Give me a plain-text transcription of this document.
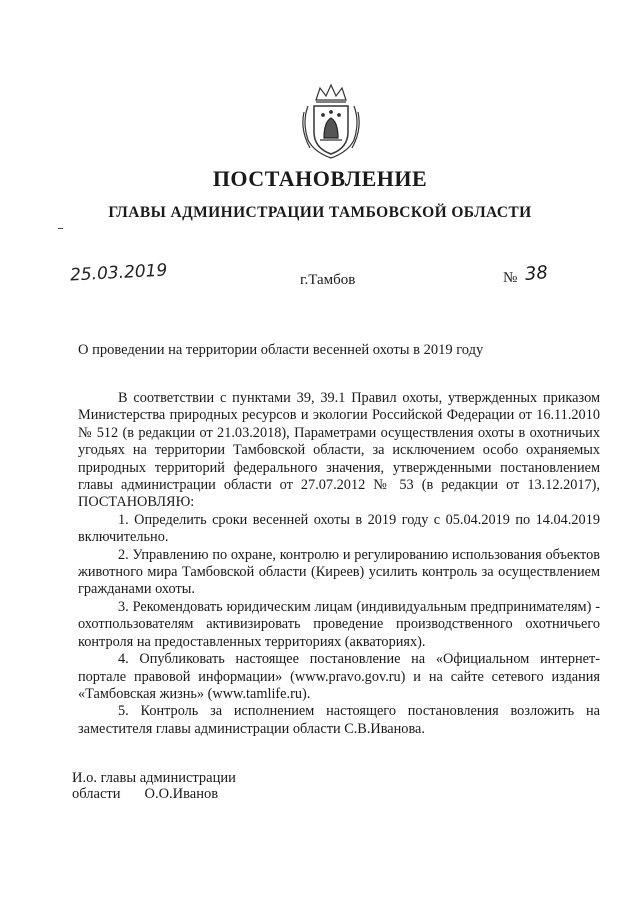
ПОСТАНОВЛЕНИЕ
ГЛАВЫ АДМИНИСТРАЦИИ ТАМБОВСКОЙ ОБЛАСТИ
25.03.2019	г.Тамбов	№ 38
О проведении на территории области весенней охоты в 2019 году

В соответствии с пунктами 39, 39.1 Правил охоты, утвержденных приказом Министерства природных ресурсов и экологии Российской Федерации от 16.11.2010 № 512 (в редакции от 21.03.2018), Параметрами осуществления охоты в охотничьих угодьях на территории Тамбовской области, за исключением особо охраняемых природных территорий федерального значения, утвержденными постановлением главы администрации области от 27.07.2012 № 53 (в редакции от 13.12.2017), ПОСТАНОВЛЯЮ:

1. Определить сроки весенней охоты в 2019 году с 05.04.2019 по 14.04.2019 включительно.

2. Управлению по охране, контролю и регулированию использования объектов животного мира Тамбовской области (Киреев) усилить контроль за осуществлением гражданами охоты.

3. Рекомендовать юридическим лицам (индивидуальным предпринимателям) - охотпользователям активизировать проведение производственного охотничьего контроля на предоставленных территориях (акваториях).

4. Опубликовать настоящее постановление на «Официальном интернет-портале правовой информации» (www.pravo.gov.ru) и на сайте сетевого издания «Тамбовская жизнь» (www.tamlife.ru).

5. Контроль за исполнением настоящего постановления возложить на заместителя главы администрации области С.В.Иванова.

И.о. главы администрации
области О.О.Иванов
